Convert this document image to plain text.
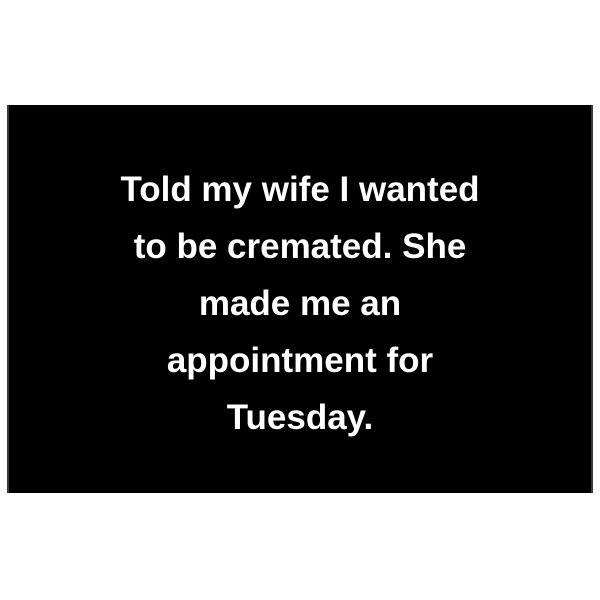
Told my wife I wanted
to be cremated. She
made me an
appointment for
Tuesday.
